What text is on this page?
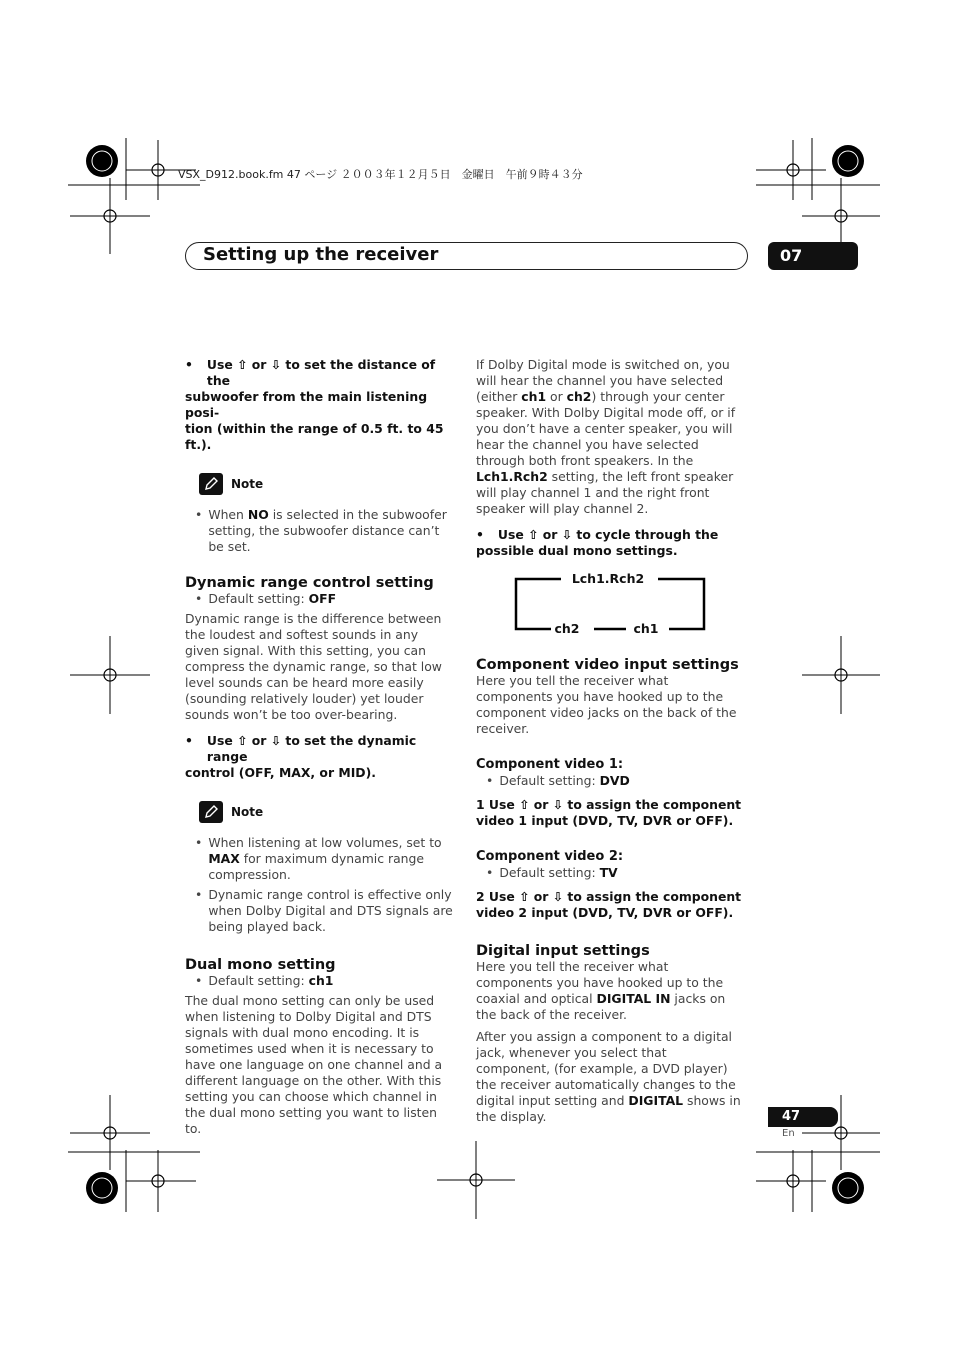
VSX_D912.book.fm 47 ページ ２００３年１２月５日　金曜日　午前９時４３分
Setting up the receiver	07
• Use ⇧ or ⇩ to set the distance of the
subwoofer from the main listening posi-
tion (within the range of 0.5 ft. to 45 ft.).
Note
• When NO is selected in the subwoofer setting, the subwoofer distance can’t be set.
Dynamic range control setting
• Default setting: OFF

Dynamic range is the difference between the loudest and softest sounds in any given signal. With this setting, you can compress the dynamic range, so that low level sounds can be heard more easily (sounding relatively louder) yet louder sounds won’t be too over-bearing.

• Use ⇧ or ⇩ to set the dynamic range
control (OFF, MAX, or MID).
Note
• When listening at low volumes, set to MAX for maximum dynamic range compression.
• Dynamic range control is effective only when Dolby Digital and DTS signals are being played back.
Dual mono setting
• Default setting: ch1

The dual mono setting can only be used when listening to Dolby Digital and DTS signals with dual mono encoding. It is sometimes used when it is necessary to have one language on one channel and a different language on the other. With this setting you can choose which channel in the dual mono setting you want to listen to.

If Dolby Digital mode is switched on, you will hear the channel you have selected (either ch1 or ch2) through your center speaker. With Dolby Digital mode off, or if you don’t have a center speaker, you will hear the channel you have selected through both front speakers. In the Lch1.Rch2 setting, the left front speaker will play channel 1 and the right front speaker will play channel 2.

• Use ⇧ or ⇩ to cycle through the
possible dual mono settings.
Lch1.Rch2
ch2	ch1
Component video input settings

Here you tell the receiver what components you have hooked up to the component video jacks on the back of the receiver.

Component video 1:
• Default setting: DVD
1 Use ⇧ or ⇩ to assign the component
video 1 input (DVD, TV, DVR or OFF).
Component video 2:
• Default setting: TV
2 Use ⇧ or ⇩ to assign the component
video 2 input (DVD, TV, DVR or OFF).
Digital input settings

Here you tell the receiver what components you have hooked up to the coaxial and optical DIGITAL IN jacks on the back of the receiver.

After you assign a component to a digital jack, whenever you select that component, (for example, a DVD player) the receiver automatically changes to the digital input setting and DIGITAL shows in the display.	47
En
